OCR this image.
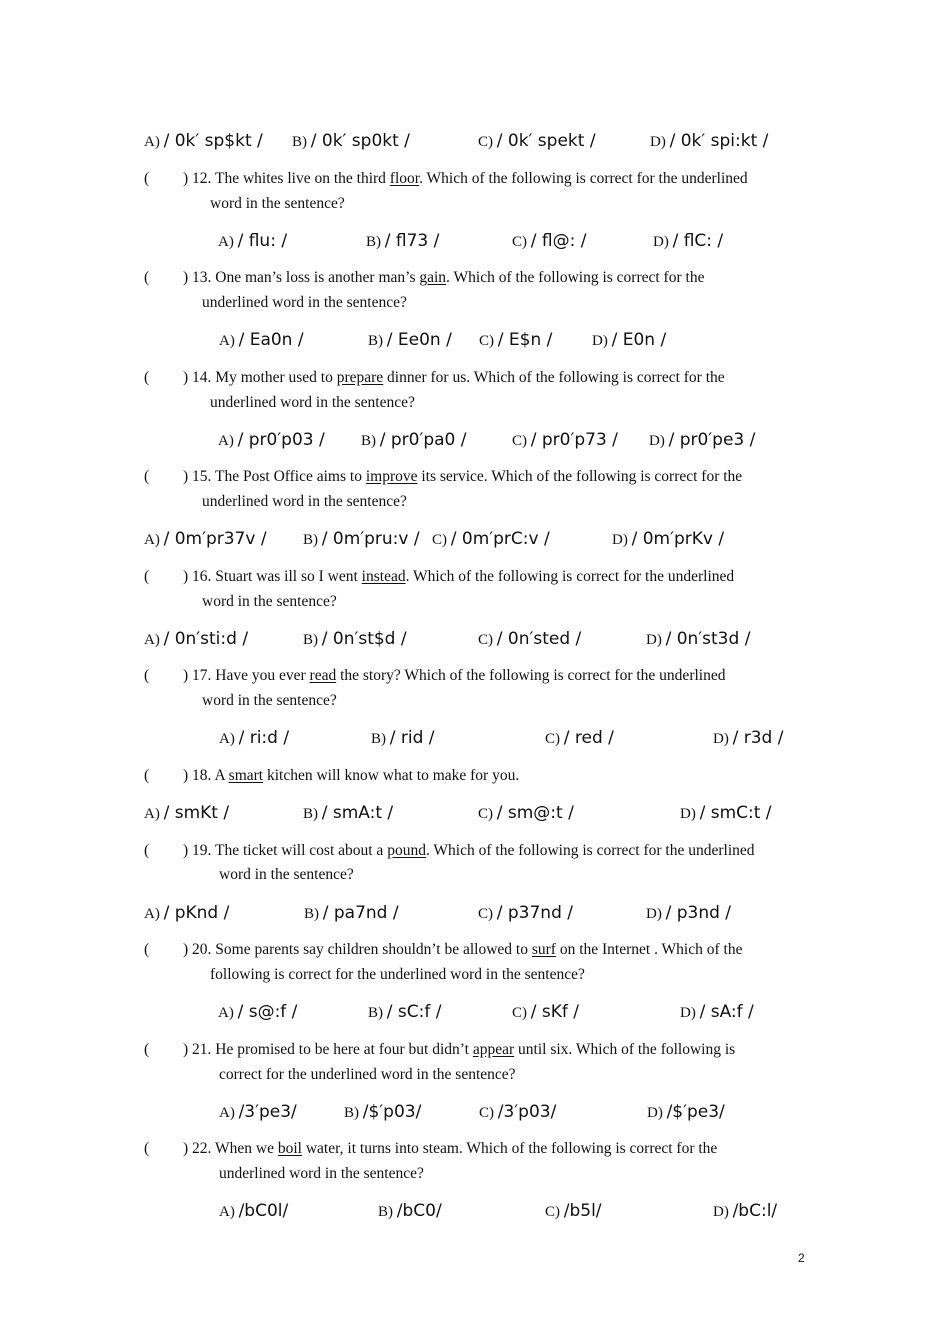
A) / 0k′ sp$kt / B) / 0k′ sp0kt /	C) / 0k′ spekt /	D) / 0k′ spi:kt /
( ) 12. The whites live on the third floor. Which of the following is correct for the underlined
word in the sentence?
A) / flu: /	B) / fl73 /	C) / fl@: /	D) / flC: /
( ) 13. One man’s loss is another man’s gain. Which of the following is correct for the
underlined word in the sentence?
A) / Ea0n /	B) / Ee0n / C) / E$n /	D) / E0n /
( ) 14. My mother used to prepare dinner for us. Which of the following is correct for the
underlined word in the sentence?
A) / pr0′p03 / B) / pr0′pa0 /	C) / pr0′p73 / D) / pr0′pe3 /
( ) 15. The Post Office aims to improve its service. Which of the following is correct for the
underlined word in the sentence?
A) / 0m′pr37v / B) / 0m′pru:v / C) / 0m′prC:v /	D) / 0m′prKv /
( ) 16. Stuart was ill so I went instead. Which of the following is correct for the underlined
word in the sentence?
A) / 0n′sti:d /	B) / 0n′st$d /	C) / 0n′sted /	D) / 0n′st3d /
( ) 17. Have you ever read the story? Which of the following is correct for the underlined
word in the sentence?
A) / ri:d /	B) / rid /	C) / red /	D) / r3d /
( ) 18. A smart kitchen will know what to make for you.
A) / smKt /	B) / smA:t /	C) / sm@:t /	D) / smC:t /
( ) 19. The ticket will cost about a pound. Which of the following is correct for the underlined
word in the sentence?
A) / pKnd /	B) / pa7nd /	C) / p37nd /	D) / p3nd /
( ) 20. Some parents say children shouldn’t be allowed to surf on the Internet . Which of the
following is correct for the underlined word in the sentence?
A) / s@:f /	B) / sC:f /	C) / sKf /	D) / sA:f /
( ) 21. He promised to be here at four but didn’t appear until six. Which of the following is
correct for the underlined word in the sentence?
A) /3′pe3/	B) /$′p03/	C) /3′p03/	D) /$′pe3/
( ) 22. When we boil water, it turns into steam. Which of the following is correct for the
underlined word in the sentence?
A) /bC0l/	B) /bC0/	C) /b5l/	D) /bC:l/
2
